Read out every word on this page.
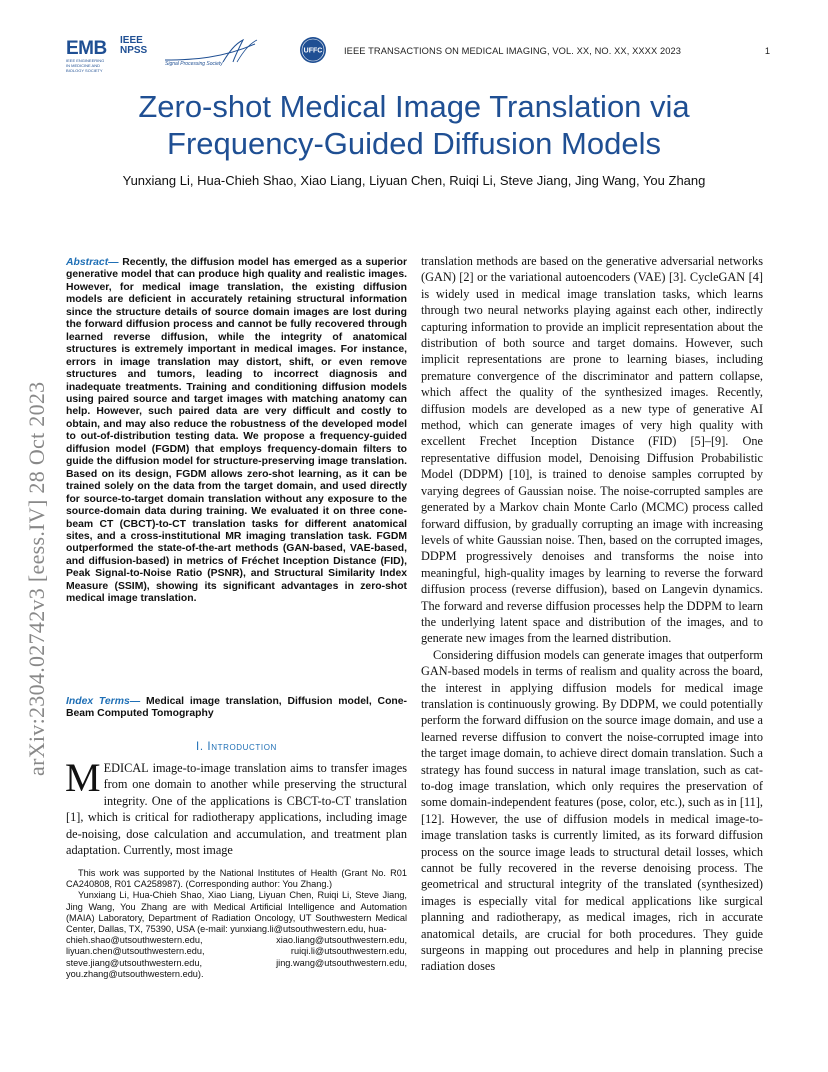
EMB
IEEE ENGINEERING IN MEDICINE AND BIOLOGY SOCIETY
IEEE NPSS
Signal Processing Society
UFFC IEEE TRANSACTIONS ON MEDICAL IMAGING, VOL. XX, NO. XX, XXXX 2023	1
Zero-shot Medical Image Translation via Frequency-Guided Diffusion Models
Yunxiang Li, Hua-Chieh Shao, Xiao Liang, Liyuan Chen, Ruiqi Li, Steve Jiang, Jing Wang, You Zhang
arXiv:2304.02742v3 [eess.IV] 28 Oct 2023
Abstract— Recently, the diffusion model has emerged as a superior generative model that can produce high quality and realistic images. However, for medical image translation, the existing diffusion models are deficient in accurately retaining structural information since the structure details of source domain images are lost during the forward diffusion process and cannot be fully recovered through learned reverse diffusion, while the integrity of anatomical structures is extremely important in medical images. For instance, errors in image translation may distort, shift, or even remove structures and tumors, leading to incorrect diagnosis and inadequate treatments. Training and conditioning diffusion models using paired source and target images with matching anatomy can help. However, such paired data are very difficult and costly to obtain, and may also reduce the robustness of the developed model to out-of-distribution testing data. We propose a frequency-guided diffusion model (FGDM) that employs frequency-domain filters to guide the diffusion model for structure-preserving image translation. Based on its design, FGDM allows zero-shot learning, as it can be trained solely on the data from the target domain, and used directly for source-to-target domain translation without any exposure to the source-domain data during training. We evaluated it on three cone-beam CT (CBCT)-to-CT translation tasks for different anatomical sites, and a cross-institutional MR imaging translation task. FGDM outperformed the state-of-the-art methods (GAN-based, VAE-based, and diffusion-based) in metrics of Fréchet Inception Distance (FID), Peak Signal-to-Noise Ratio (PSNR), and Structural Similarity Index Measure (SSIM), showing its significant advantages in zero-shot medical image translation.
Index Terms— Medical image translation, Diffusion model, Cone-Beam Computed Tomography
I. Introduction
MEDICAL image-to-image translation aims to transfer images from one domain to another while preserving the structural integrity. One of the applications is CBCT-to-CT translation [1], which is critical for radiotherapy applications, including image de-noising, dose calculation and accumulation, and treatment plan adaptation. Currently, most image

This work was supported by the National Institutes of Health (Grant No. R01 CA240808, R01 CA258987). (Corresponding author: You Zhang.)

Yunxiang Li, Hua-Chieh Shao, Xiao Liang, Liyuan Chen, Ruiqi Li, Steve Jiang, Jing Wang, You Zhang are with Medical Artificial Intelligence and Automation (MAIA) Laboratory, Department of Radiation Oncology, UT Southwestern Medical Center, Dallas, TX, 75390, USA (e-mail: yunxiang.li@utsouthwestern.edu, hua-

chieh.shao@utsouthwestern.edu,	xiao.liang@utsouthwestern.edu,
liyuan.chen@utsouthwestern.edu,	ruiqi.li@utsouthwestern.edu,
steve.jiang@utsouthwestern.edu,	jing.wang@utsouthwestern.edu,
you.zhang@utsouthwestern.edu).

translation methods are based on the generative adversarial networks (GAN) [2] or the variational autoencoders (VAE) [3]. CycleGAN [4] is widely used in medical image translation tasks, which learns through two neural networks playing against each other, indirectly capturing information to provide an implicit representation about the distribution of both source and target domains. However, such implicit representations are prone to learning biases, including premature convergence of the discriminator and pattern collapse, which affect the quality of the synthesized images. Recently, diffusion models are developed as a new type of generative AI method, which can generate images of very high quality with excellent Frechet Inception Distance (FID) [5]–[9]. One representative diffusion model, Denoising Diffusion Probabilistic Model (DDPM) [10], is trained to denoise samples corrupted by varying degrees of Gaussian noise. The noise-corrupted samples are generated by a Markov chain Monte Carlo (MCMC) process called forward diffusion, by gradually corrupting an image with increasing levels of white Gaussian noise. Then, based on the corrupted images, DDPM progressively denoises and transforms the noise into meaningful, high-quality images by learning to reverse the forward diffusion process (reverse diffusion), based on Langevin dynamics. The forward and reverse diffusion processes help the DDPM to learn the underlying latent space and distribution of the images, and to generate new images from the learned distribution.

Considering diffusion models can generate images that outperform GAN-based models in terms of realism and quality across the board, the interest in applying diffusion models for medical image translation is continuously growing. By DDPM, we could potentially perform the forward diffusion on the source image domain, and use a learned reverse diffusion to convert the noise-corrupted image into the target image domain, to achieve direct domain translation. Such a strategy has found success in natural image translation, such as cat-to-dog image translation, which only requires the preservation of some domain-independent features (pose, color, etc.), such as in [11], [12]. However, the use of diffusion models in medical image-to-image translation tasks is currently limited, as its forward diffusion process on the source image leads to structural detail losses, which cannot be fully recovered in the reverse denoising process. The geometrical and structural integrity of the translated (synthesized) images is especially vital for medical applications like surgical planning and radiotherapy, as medical images, rich in accurate anatomical details, are crucial for both procedures. They guide surgeons in mapping out procedures and help in planning precise radiation doses
